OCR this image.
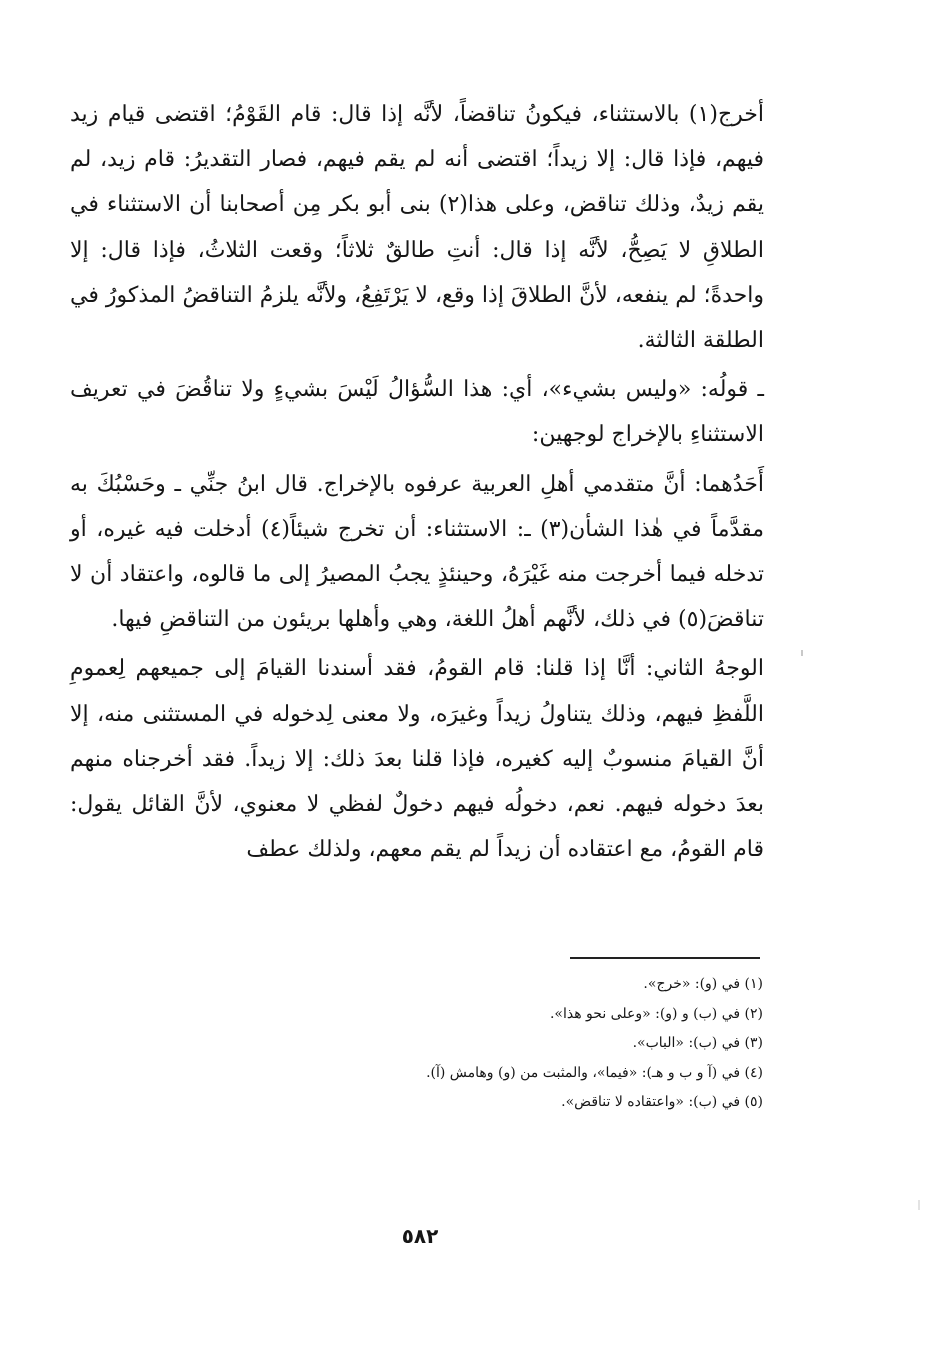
أخرج(١) بالاستثناء، فيكونُ تناقضاً، لأنَّه إذا قال: قام القَوْمُ؛ اقتضى قيام زيد فيهم، فإذا قال: إلا زيداً؛ اقتضى أنه لم يقم فيهم، فصار التقديرُ: قام زيد، لم يقم زيدٌ، وذلك تناقض، وعلى هذا(٢) بنى أبو بكر مِن أصحابنا أن الاستثناء في الطلاقِ لا يَصِحُّ، لأنَّه إذا قال: أنتِ طالقٌ ثلاثاً؛ وقعت الثلاثُ، فإذا قال: إلا واحدةً؛ لم ينفعه، لأنَّ الطلاقَ إذا وقع، لا يَرْتَفِعُ، ولأنَّه يلزمُ التناقضُ المذكورُ في الطلقة الثالثة.

ـ قولُه: «وليس بشيء»، أي: هذا السُّؤالُ لَيْسَ بشيءٍ ولا تناقُضَ في تعريف الاستثناءِ بالإخراج لوجهين:

أَحَدُهما: أنَّ متقدمي أهلِ العربية عرفوه بالإخراج. قال ابنُ جنِّي ـ وحَسْبُكَ به مقدَّماً في هٰذا الشأن(٣) ـ: الاستثناء: أن تخرج شيئاً(٤) أدخلت فيه غيره، أو تدخله فيما أخرجت منه غَيْرَهُ، وحينئذٍ يجبُ المصيرُ إلى ما قالوه، واعتقاد أن لا تناقضَ(٥) في ذلك، لأنَّهم أهلُ اللغة، وهي وأهلها بريئون من التناقضِ فيها.

الوجهُ الثاني: أنَّا إذا قلنا: قام القومُ، فقد أسندنا القيامَ إلى جميعهم لِعمومِ اللَّفظِ فيهم، وذلك يتناولُ زيداً وغيرَه، ولا معنى لِدخوله في المستثنى منه، إلا أنَّ القيامَ منسوبٌ إليه كغيره، فإذا قلنا بعدَ ذلك: إلا زيداً. فقد أخرجناه منهم بعدَ دخوله فيهم. نعم، دخولُه فيهم دخولٌ لفظي لا معنوي، لأنَّ القائل يقول: قام القومُ، مع اعتقاده أن زيداً لم يقم معهم، ولذلك عطف

(١) في (و): «خرج».
(٢) في (ب) و (و): «وعلى نحو هذا».
(٣) في (ب): «الباب».
(٤) في (آ و ب و هـ): «فيما»، والمثبت من (و) وهامش (آ).
(٥) في (ب): «واعتقاده لا تناقض».
٥٨٢
